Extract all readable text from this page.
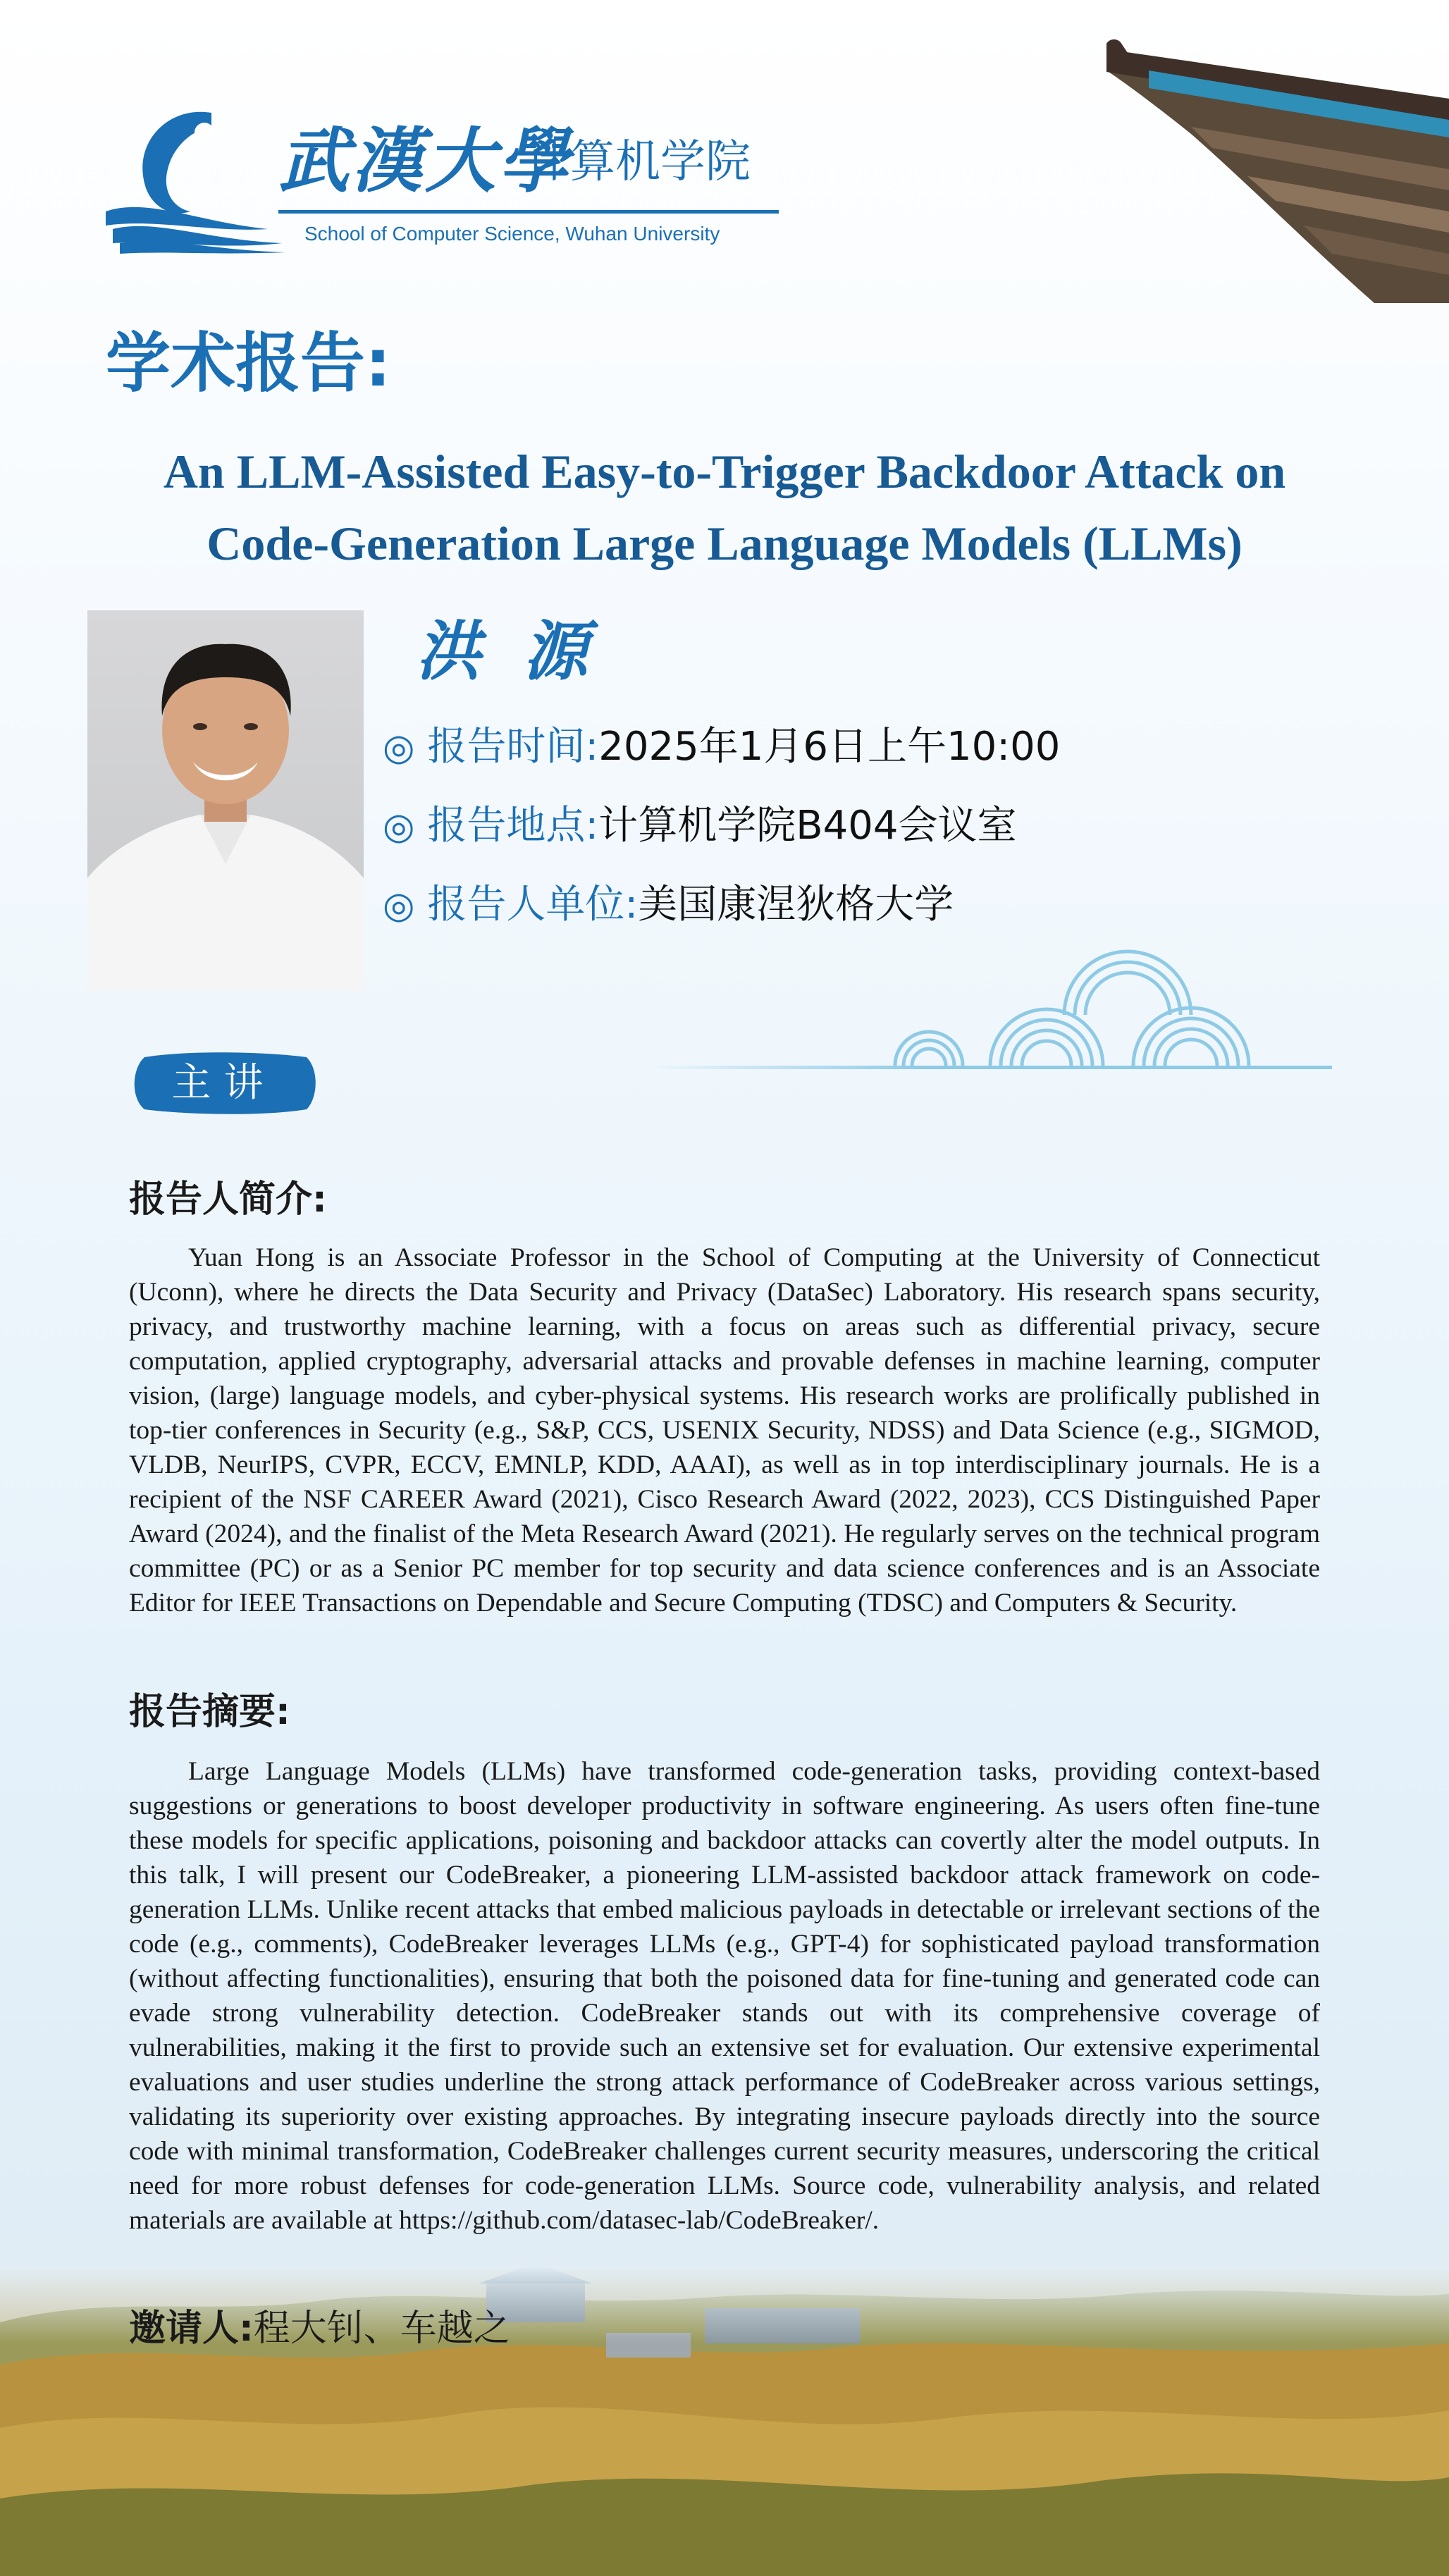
武漢大學
计算机学院
School of Computer Science, Wuhan University
学术报告:
An LLM-Assisted Easy-to-Trigger Backdoor Attack on Code-Generation Large Language Models (LLMs)
洪源
◎ 报告时间:2025年1月6日上午10:00
◎ 报告地点:计算机学院B404会议室
◎ 报告人单位:美国康涅狄格大学
主讲
报告人简介:
Yuan Hong is an Associate Professor in the School of Computing at the University of Connecticut (Uconn), where he directs the Data Security and Privacy (DataSec) Laboratory. His research spans security, privacy, and trustworthy machine learning, with a focus on areas such as differential privacy, secure computation, applied cryptography, adversarial attacks and provable defenses in machine learning, computer vision, (large) language models, and cyber-physical systems. His research works are prolifically published in top-tier conferences in Security (e.g., S&P, CCS, USENIX Security, NDSS) and Data Science (e.g., SIGMOD, VLDB, NeurIPS, CVPR, ECCV, EMNLP, KDD, AAAI), as well as in top interdisciplinary journals. He is a recipient of the NSF CAREER Award (2021), Cisco Research Award (2022, 2023), CCS Distinguished Paper Award (2024), and the finalist of the Meta Research Award (2021). He regularly serves on the technical program committee (PC) or as a Senior PC member for top security and data science conferences and is an Associate Editor for IEEE Transactions on Dependable and Secure Computing (TDSC) and Computers & Security.
报告摘要:
Large Language Models (LLMs) have transformed code-generation tasks, providing context-based suggestions or generations to boost developer productivity in software engineering. As users often fine-tune these models for specific applications, poisoning and backdoor attacks can covertly alter the model outputs. In this talk, I will present our CodeBreaker, a pioneering LLM-assisted backdoor attack framework on code-generation LLMs. Unlike recent attacks that embed malicious payloads in detectable or irrelevant sections of the code (e.g., comments), CodeBreaker leverages LLMs (e.g., GPT-4) for sophisticated payload transformation (without affecting functionalities), ensuring that both the poisoned data for fine-tuning and generated code can evade strong vulnerability detection. CodeBreaker stands out with its comprehensive coverage of vulnerabilities, making it the first to provide such an extensive set for evaluation. Our extensive experimental evaluations and user studies underline the strong attack performance of CodeBreaker across various settings, validating its superiority over existing approaches. By integrating insecure payloads directly into the source code with minimal transformation, CodeBreaker challenges current security measures, underscoring the critical need for more robust defenses for code-generation LLMs. Source code, vulnerability analysis, and related materials are available at https://github.com/datasec-lab/CodeBreaker/.
邀请人:程大钊、车越之
